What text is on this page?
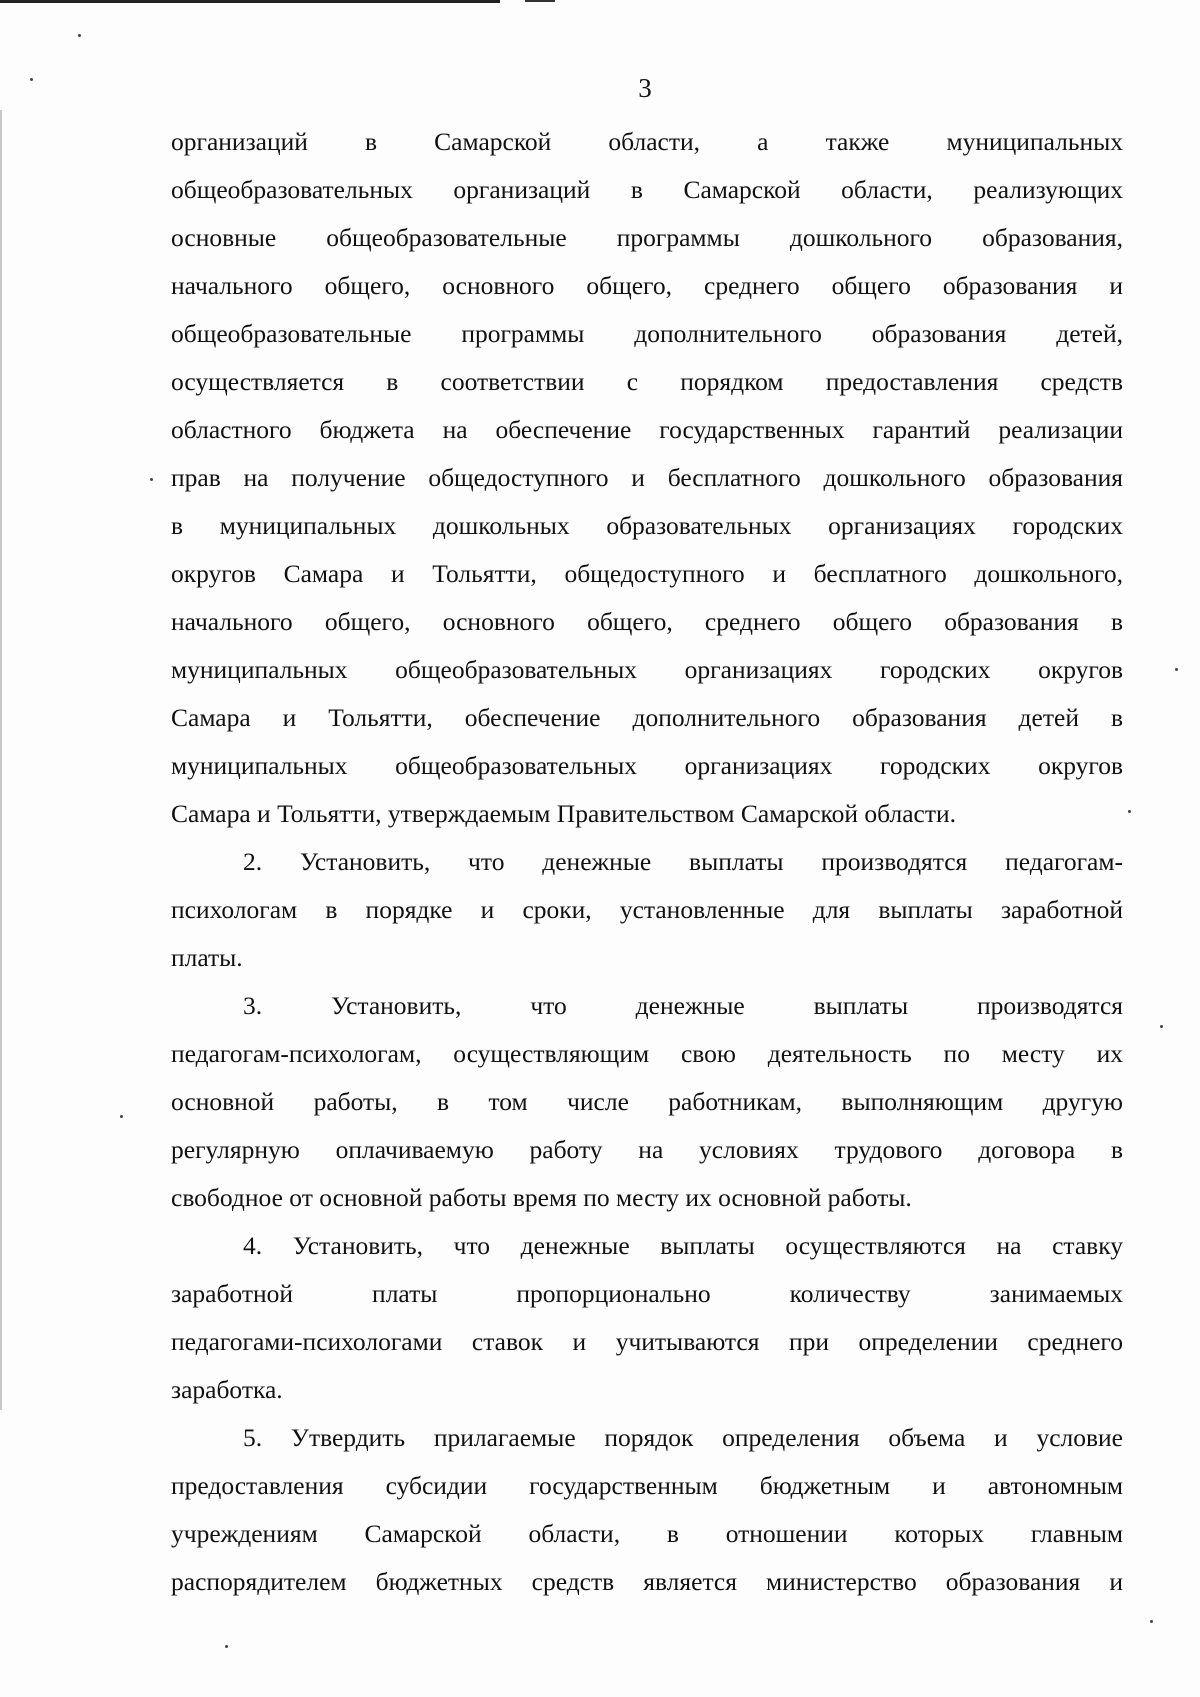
3
организаций в Самарской области, а также муниципальных
общеобразовательных организаций в Самарской области, реализующих
основные общеобразовательные программы дошкольного образования,
начального общего, основного общего, среднего общего образования и
общеобразовательные программы дополнительного образования детей,
осуществляется в соответствии с порядком предоставления средств
областного бюджета на обеспечение государственных гарантий реализации
прав на получение общедоступного и бесплатного дошкольного образования
в муниципальных дошкольных образовательных организациях городских
округов Самара и Тольятти, общедоступного и бесплатного дошкольного,
начального общего, основного общего, среднего общего образования в
муниципальных общеобразовательных организациях городских округов
Самара и Тольятти, обеспечение дополнительного образования детей в
муниципальных общеобразовательных организациях городских округов
Самара и Тольятти, утверждаемым Правительством Самарской области.
2. Установить, что денежные выплаты производятся педагогам-
психологам в порядке и сроки, установленные для выплаты заработной
платы.
3. Установить, что денежные выплаты производятся
педагогам-психологам, осуществляющим свою деятельность по месту их
основной работы, в том числе работникам, выполняющим другую
регулярную оплачиваемую работу на условиях трудового договора в
свободное от основной работы время по месту их основной работы.
4. Установить, что денежные выплаты осуществляются на ставку
заработной платы пропорционально количеству занимаемых
педагогами-психологами ставок и учитываются при определении среднего
заработка.
5. Утвердить прилагаемые порядок определения объема и условие
предоставления субсидии государственным бюджетным и автономным
учреждениям Самарской области, в отношении которых главным
распорядителем бюджетных средств является министерство образования и
